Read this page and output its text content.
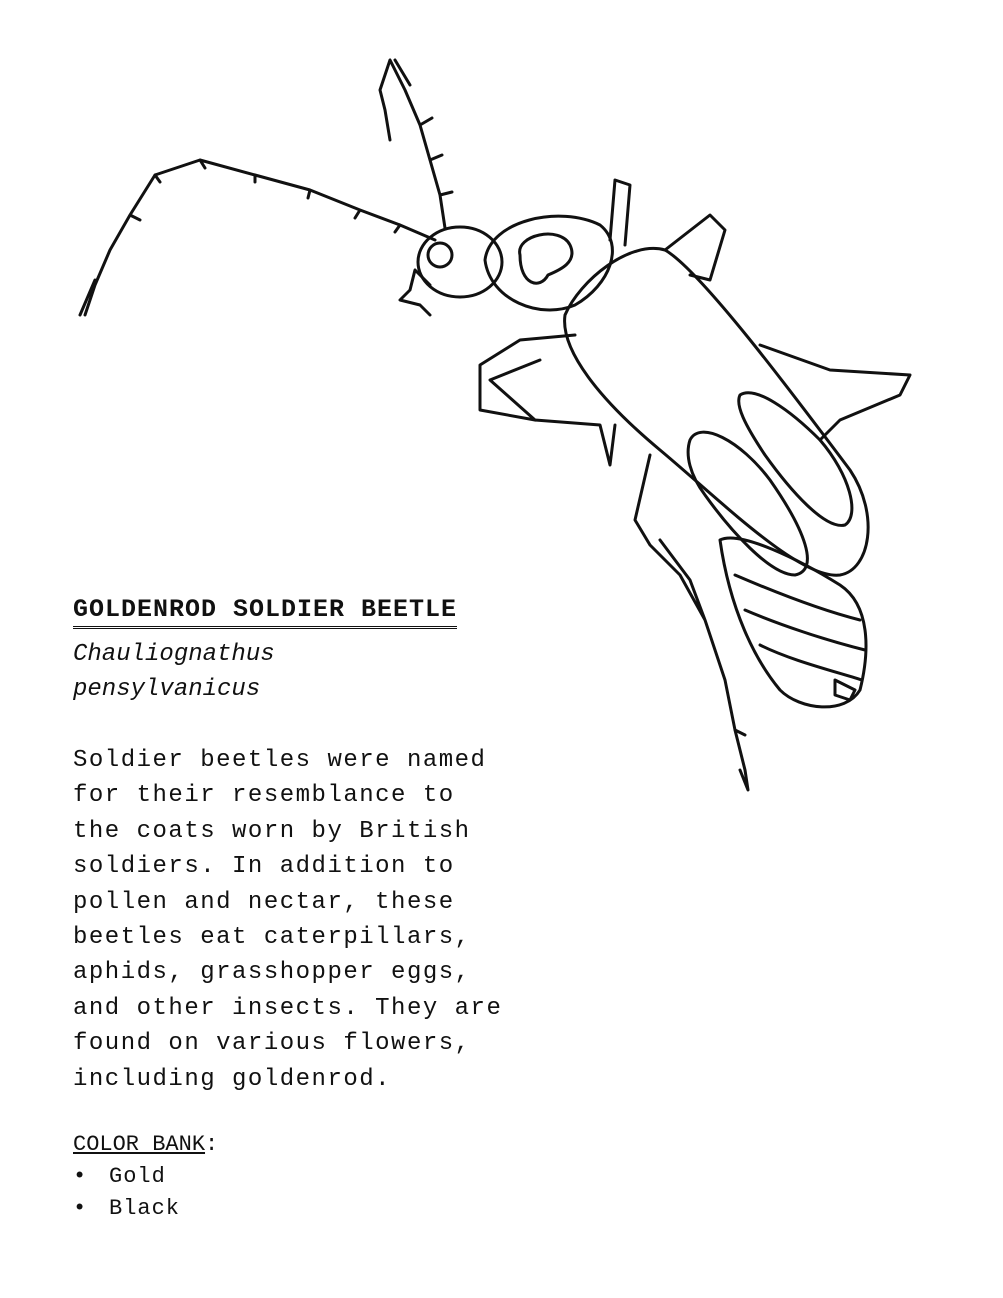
GOLDENROD SOLDIER BEETLE
Chauliognathus
pensylvanicus
Soldier beetles were named
for their resemblance to
the coats worn by British
soldiers. In addition to
pollen and nectar, these
beetles eat caterpillars,
aphids, grasshopper eggs,
and other insects. They are
found on various flowers,
including goldenrod.
COLOR BANK:
• Gold
• Black
